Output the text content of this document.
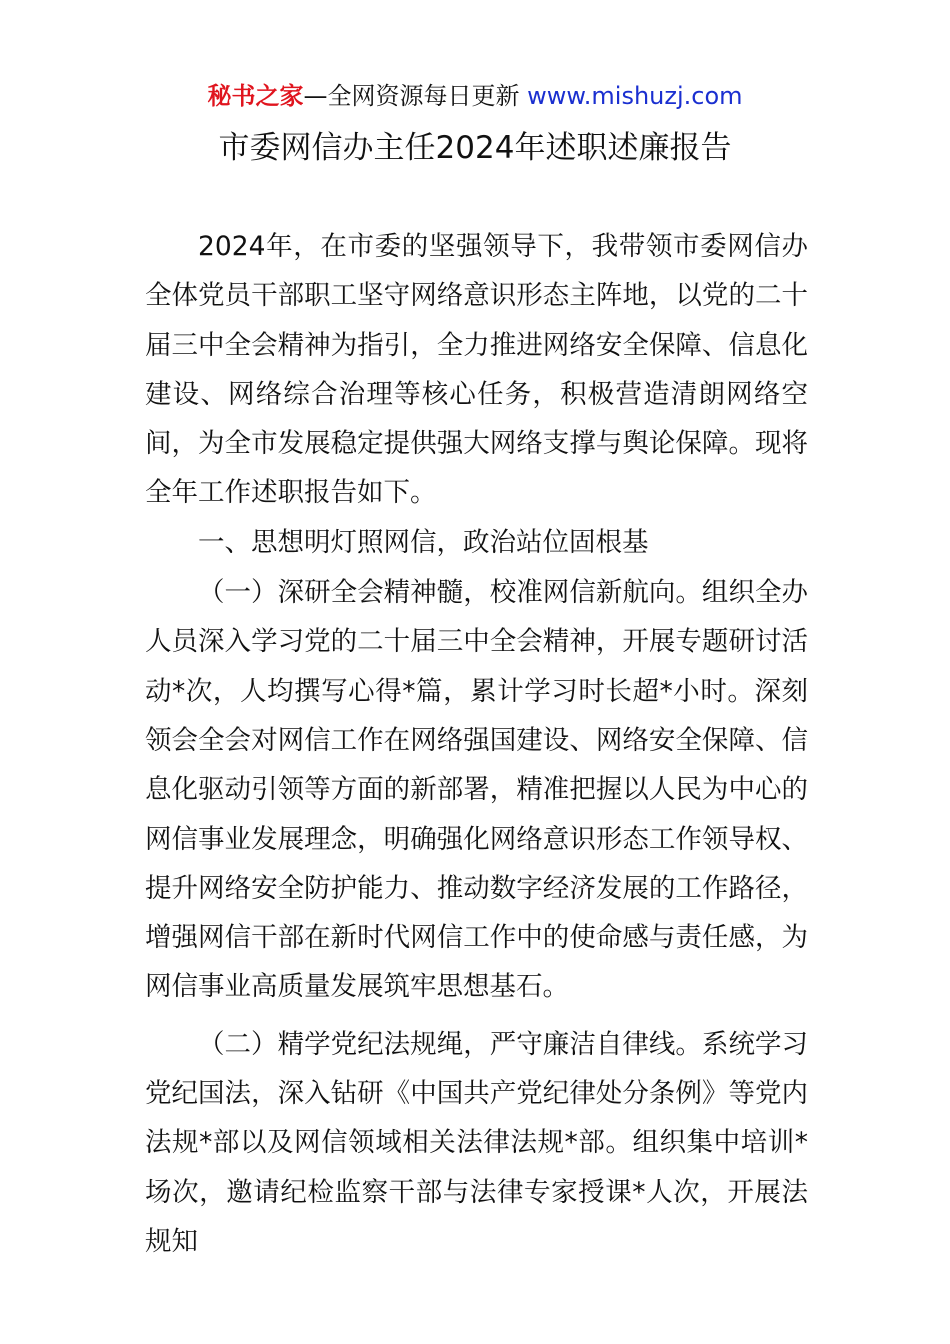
秘书之家—全网资源每日更新 www.mishuzj.com
市委网信办主任2024年述职述廉报告

2024年，在市委的坚强领导下，我带领市委网信办全体党员干部职工坚守网络意识形态主阵地，以党的二十届三中全会精神为指引，全力推进网络安全保障、信息化建设、网络综合治理等核心任务，积极营造清朗网络空间，为全市发展稳定提供强大网络支撑与舆论保障。现将全年工作述职报告如下。

一、思想明灯照网信，政治站位固根基

（一）深研全会精神髓，校准网信新航向。组织全办人员深入学习党的二十届三中全会精神，开展专题研讨活动*次，人均撰写心得*篇，累计学习时长超*小时。深刻领会全会对网信工作在网络强国建设、网络安全保障、信息化驱动引领等方面的新部署，精准把握以人民为中心的网信事业发展理念，明确强化网络意识形态工作领导权、提升网络安全防护能力、推动数字经济发展的工作路径，增强网信干部在新时代网信工作中的使命感与责任感，为网信事业高质量发展筑牢思想基石。

（二）精学党纪法规绳，严守廉洁自律线。系统学习党纪国法，深入钻研《中国共产党纪律处分条例》等党内法规*部以及网信领域相关法律法规*部。组织集中培训*场次，邀请纪检监察干部与法律专家授课*人次，开展法规知
